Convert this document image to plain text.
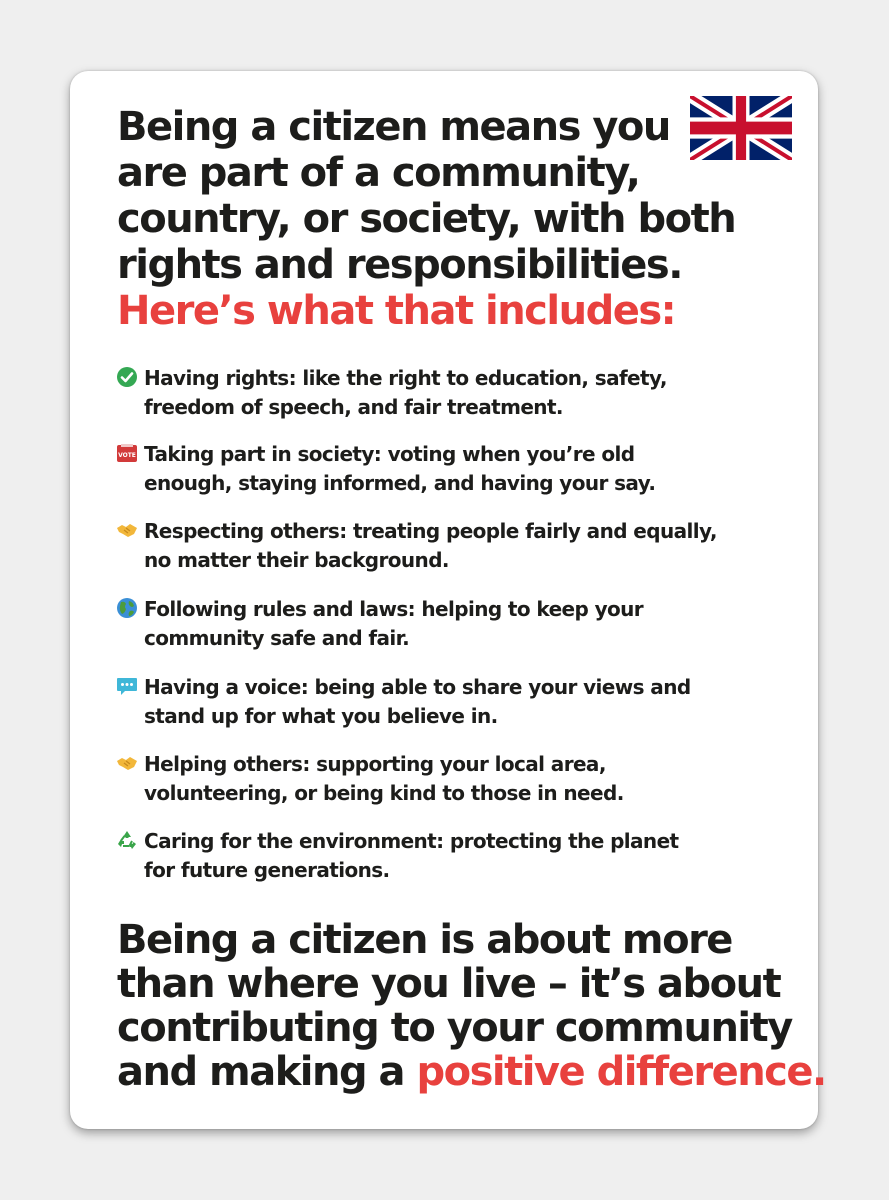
Being a citizen means you
are part of a community,
country, or society, with both
rights and responsibilities.
Here’s what that includes:
Having rights: like the right to education, safety,
freedom of speech, and fair treatment.
VOTE Taking part in society: voting when you’re old
enough, staying informed, and having your say.
Respecting others: treating people fairly and equally,
no matter their background.
Following rules and laws: helping to keep your
community safe and fair.
Having a voice: being able to share your views and
stand up for what you believe in.
Helping others: supporting your local area,
volunteering, or being kind to those in need.
Caring for the environment: protecting the planet
for future generations.
Being a citizen is about more
than where you live – it’s about
contributing to your community
and making a positive difference.
